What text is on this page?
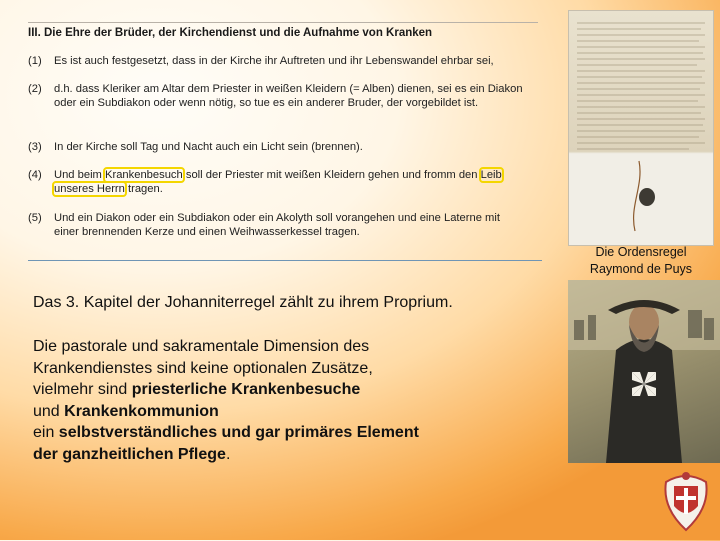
III. Die Ehre der Brüder, der Kirchendienst und die Aufnahme von Kranken
(1)	Es ist auch festgesetzt, dass in der Kirche ihr Auftreten und ihr Lebenswandel ehrbar sei,
(2)	d.h. dass Kleriker am Altar dem Priester in weißen Kleidern (= Alben) dienen, sei es ein Diakon oder ein Subdiakon oder wenn nötig, so tue es ein anderer Bruder, der vorgebildet ist.
(3)	In der Kirche soll Tag und Nacht auch ein Licht sein (brennen).
(4)	Und beim Krankenbesuch soll der Priester mit weißen Kleidern gehen und fromm den Leib unseres Herrn tragen.
(5)	Und ein Diakon oder ein Subdiakon oder ein Akolyth soll vorangehen und eine Laterne mit einer brennenden Kerze und einen Weihwasserkessel tragen.
Das 3. Kapitel der Johanniterregel zählt zu ihrem Proprium.
Die pastorale und sakramentale Dimension des
Krankendienstes sind keine optionalen Zusätze,
vielmehr sind priesterliche Krankenbesuche
und Krankenkommunion
ein selbstverständliches und gar primäres Element
der ganzheitlichen Pflege.
Die Ordensregel
Raymond de Puys
